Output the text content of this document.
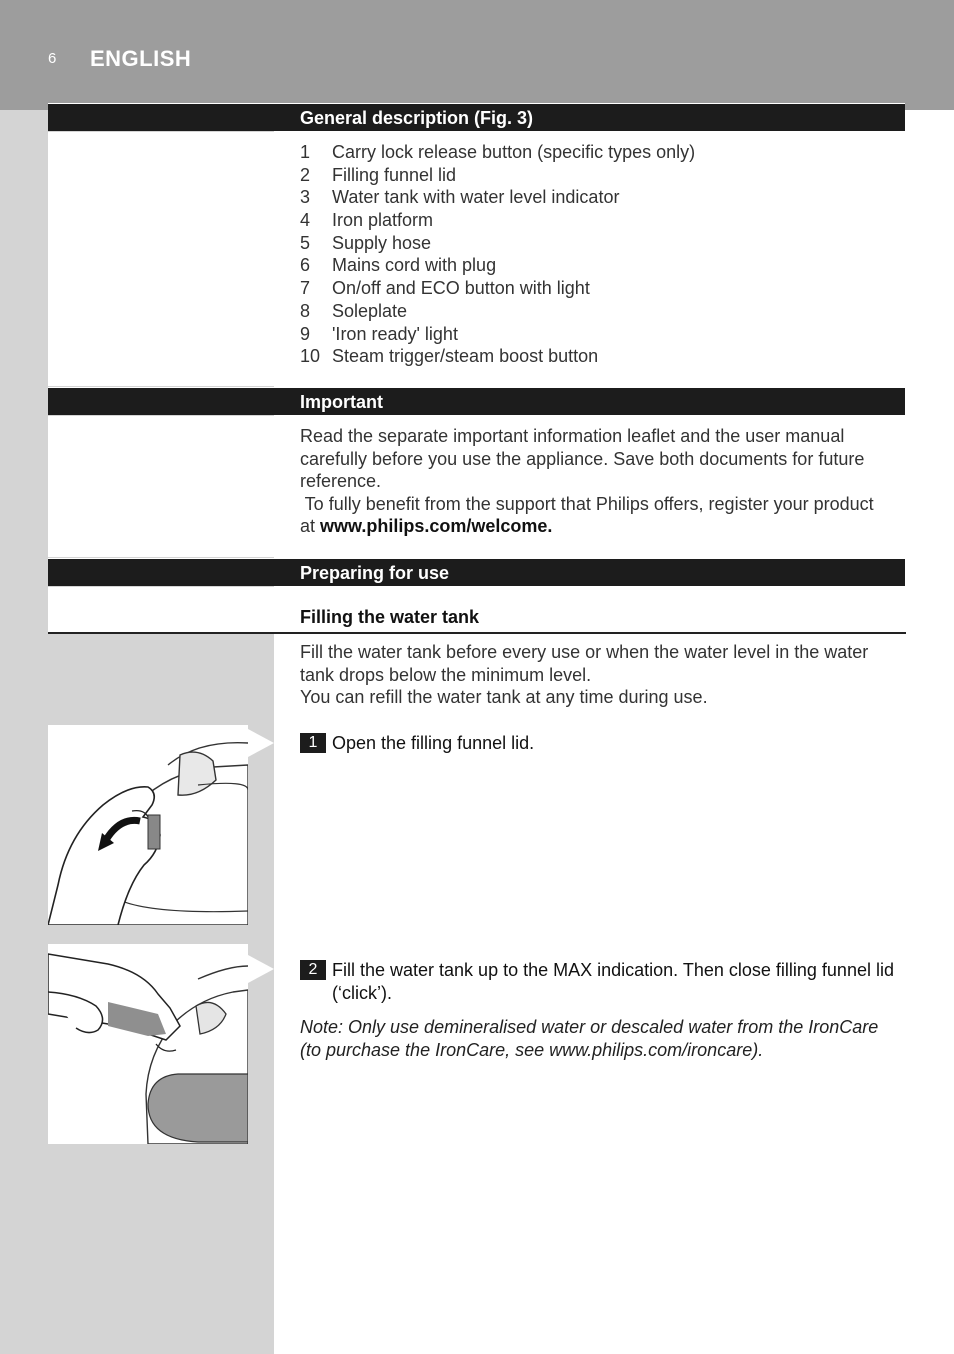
6 ENGLISH
General description (Fig. 3)
1 Carry lock release button (specific types only)
2 Filling funnel lid
3 Water tank with water level indicator
4 Iron platform
5 Supply hose
6 Mains cord with plug
7 On/off and ECO button with light
8 Soleplate
9 'Iron ready' light
10 Steam trigger/steam boost button
Important
Read the separate important information leaflet and the user manual
carefully before you use the appliance. Save both documents for future
reference.
To fully benefit from the support that Philips offers, register your product
at www.philips.com/welcome.
Preparing for use
Filling the water tank
Fill the water tank before every use or when the water level in the water
tank drops below the minimum level.
You can refill the water tank at any time during use.
1 Open the filling funnel lid.
2 Fill the water tank up to the MAX indication. Then close filling funnel lid (‘click’).
Note: Only use demineralised water or descaled water from the IronCare
(to purchase the IronCare, see www.philips.com/ironcare).
